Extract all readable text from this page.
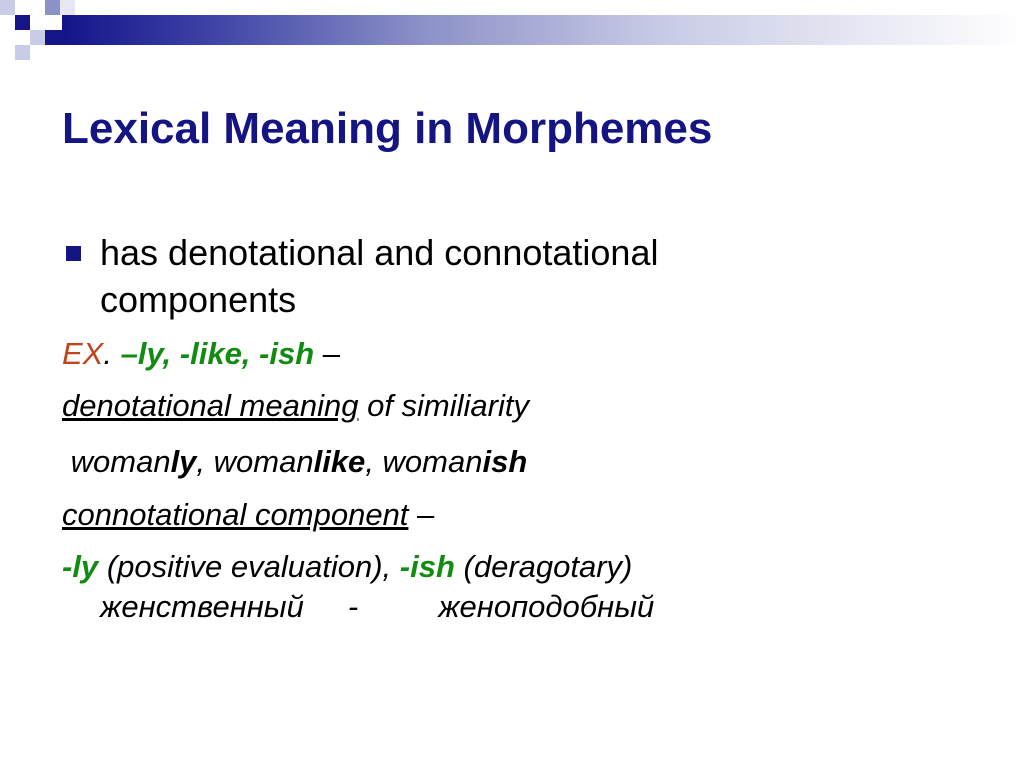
Lexical Meaning in Morphemes
has denotational and connotational components
EX. –ly, -like, -ish –
denotational meaning of similiarity
womanly, womanlike, womanish
connotational component –
-ly (positive evaluation), -ish (deragotary)
женственный -	женоподобный
